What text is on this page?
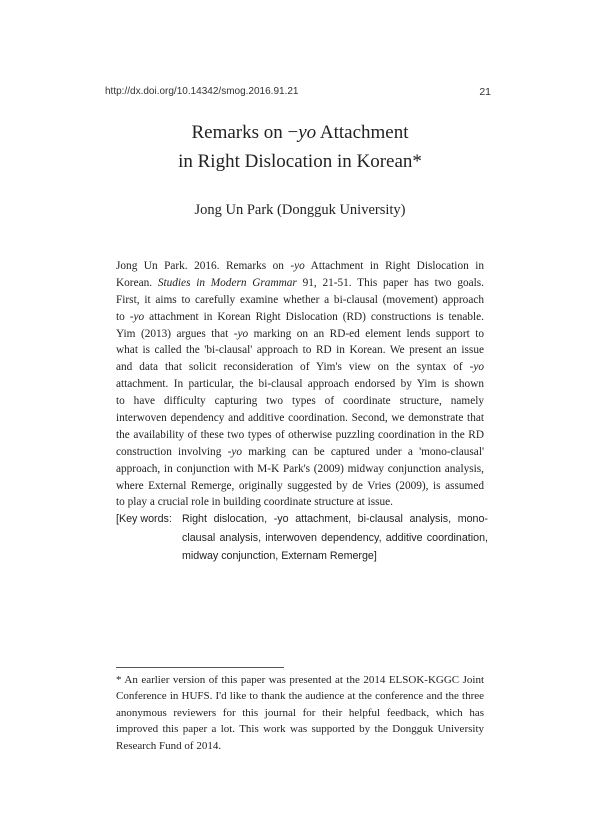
http://dx.doi.org/10.14342/smog.2016.91.21	21
Remarks on −yo Attachment
in Right Dislocation in Korean*
Jong Un Park (Dongguk University)
Jong Un Park. 2016. Remarks on -yo Attachment in Right Dislocation in
Korean. Studies in Modern Grammar 91, 21-51. This paper has two goals.
First, it aims to carefully examine whether a bi-clausal (movement) approach
to -yo attachment in Korean Right Dislocation (RD) constructions is tenable.
Yim (2013) argues that -yo marking on an RD-ed element lends support to
what is called the 'bi-clausal' approach to RD in Korean. We present an issue
and data that solicit reconsideration of Yim's view on the syntax of -yo
attachment. In particular, the bi-clausal approach endorsed by Yim is shown
to have difficulty capturing two types of coordinate structure, namely
interwoven dependency and additive coordination. Second, we demonstrate that
the availability of these two types of otherwise puzzling coordination in the RD
construction involving -yo marking can be captured under a 'mono-clausal'
approach, in conjunction with M-K Park's (2009) midway conjunction analysis,
where External Remerge, originally suggested by de Vries (2009), is assumed
to play a crucial role in building coordinate structure at issue.
[Key words: Right dislocation, -yo attachment, bi-clausal analysis, mono-
clausal analysis, interwoven dependency, additive coordination,
midway conjunction, Externam Remerge]
* An earlier version of this paper was presented at the 2014 ELSOK-KGGC Joint
Conference in HUFS. I'd like to thank the audience at the conference and the three
anonymous reviewers for this journal for their helpful feedback, which has
improved this paper a lot. This work was supported by the Dongguk University
Research Fund of 2014.
